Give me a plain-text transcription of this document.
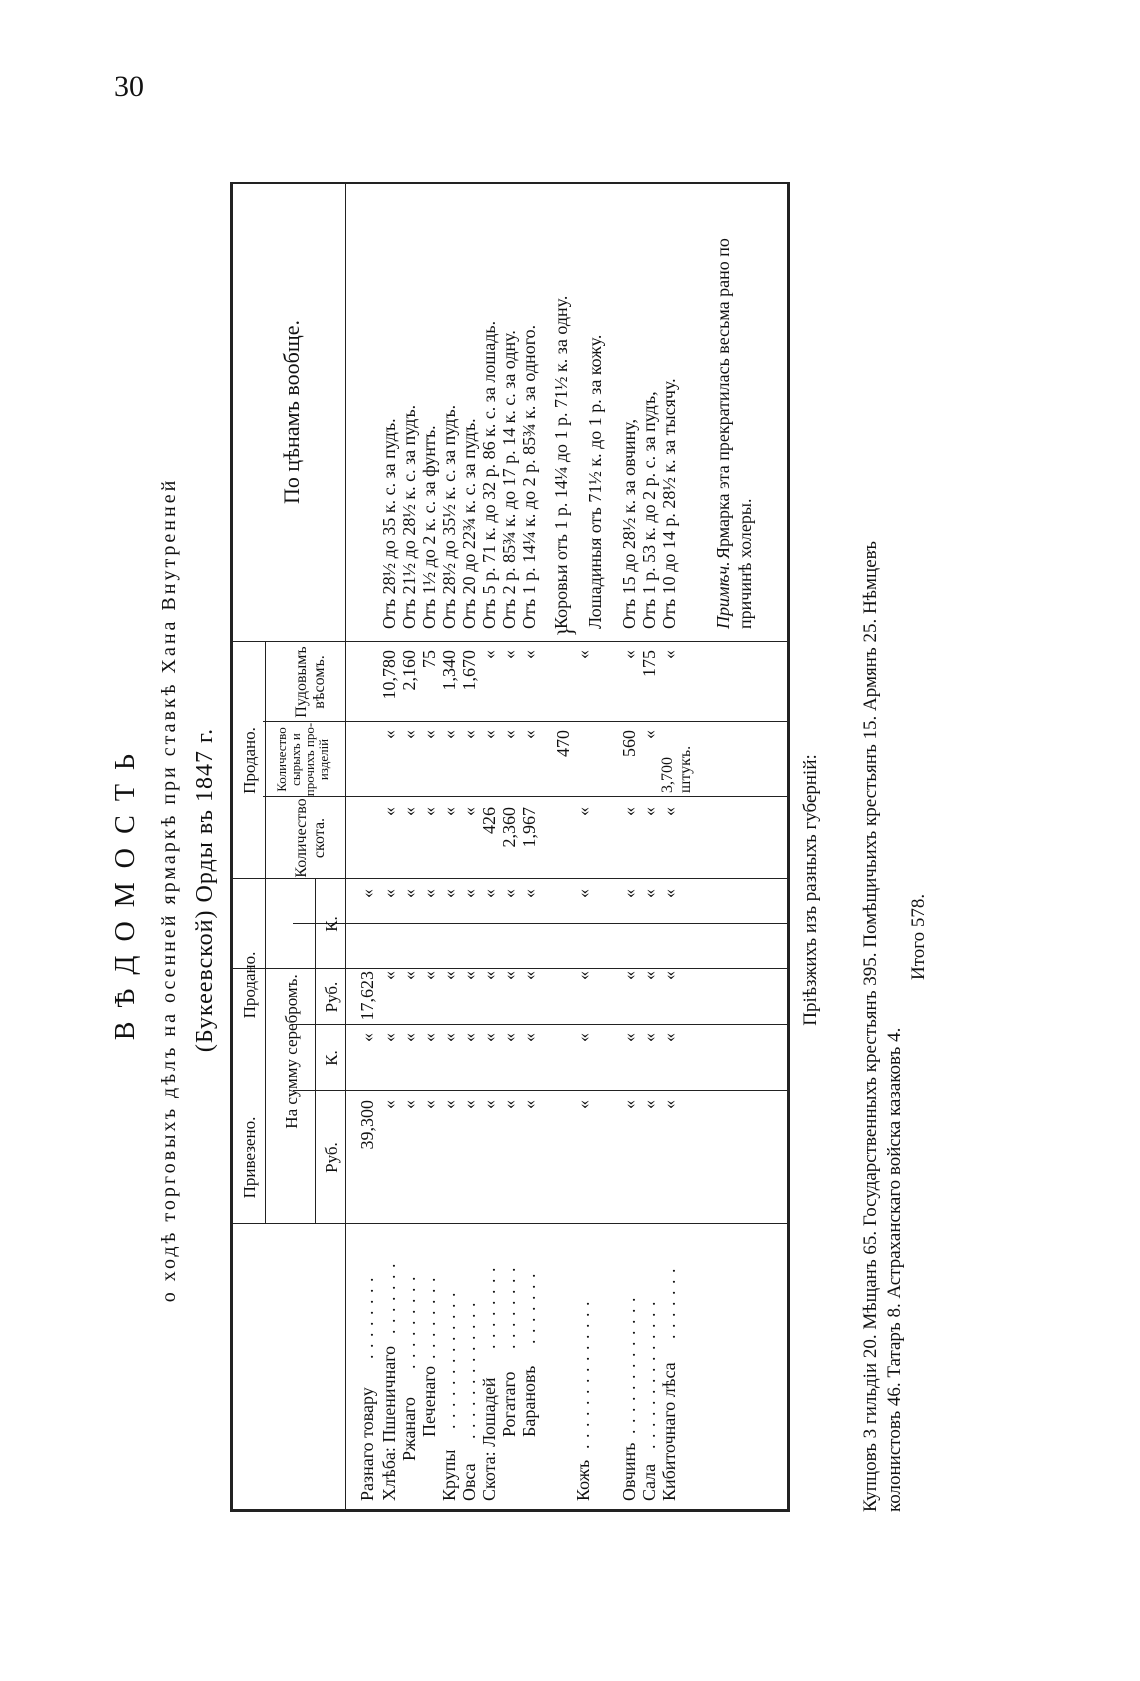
30
ВѢДОМОСТЬ о ходѣ торговыхъ дѣлъ на осенней ярмаркѣ при ставкѣ Хана Внутренней (Букеевской) Орды въ 1847 г.
Привезено.
Продано.
Продано.
На сумму серебромъ.
Руб.
К.
Руб.
К.
Количество скота.
Количество сырыхъ и прочихъ про- изделій
Пудовымъ вѣсомъ.
По цѣнамъ вообще.
Разнаго товару Хлѣба: Пшеничнаго Ржанаго Печенаго
Крупы Овса Скота: Лошадей Рогатаго Барановъ
Кожъ Овчинъ Сала Кибиточнаго лѣса
. . . . . . . . . . . . . . . . . . . . . . . . . . . . . . . . . . . . . . . . . . . . . . . . . . . . . . . . . . . . . . . . . . . . . . . . . . . . . . . . . . . . . . . . . . . . . . . . . . . . . . . . . . . . . . . . . . . . . . . . . . . . . . . . .
39,300
«
17,623
«
«
«
«
«
«
«
10,780
Отъ 28½ до 35 к. с. за пудъ.
«
«
«
«
«
«
2,160
Отъ 21½ до 28½ к. с. за пудъ.
«
«
«
«
«
«
75
Отъ 1½ до 2 к. с. за фунтъ.
«
«
«
«
«
«
1,340
Отъ 28½ до 35½ к. с. за пудъ.
«
«
«
«
«
«
1,670
Отъ 20 до 22¾ к. с. за пудъ.
«
«
«
«
426
«
«
Отъ 5 р. 71 к. до 32 р. 86 к. с. за лошадь.
«
«
«
«
2,360
«
«
Отъ 2 р. 85¾ к. до 17 р. 14 к. с. за одну.
«
«
«
«
1,967
«
«
Отъ 1 р. 14¼ к. до 2 р. 85¾ к. за одного.
«
«
«
«
«
470
«
}
Коровьи отъ 1 р. 14¼ до 1 р. 71½ к. за одну. Лошадиныя отъ 71½ к. до 1 р. за кожу.
«
«
«
«
«
560
«
Отъ 15 до 28½ к. за овчину,
«
«
«
«
«
«
175
Отъ 1 р. 53 к. до 2 р. с. за пудъ,
«
«
«
«
«
3,700 штукъ.
«
Отъ 10 до 14 р. 28½ к. за тысячу. Примѣч.
Ярмарка эта прекратилась весьма рано по
причинѣ холеры.
Пріѣзжихъ изъ разныхъ губерній: Купцовъ 3 гильдіи 20. Мѣщанъ 65. Государственныхъ крестьянъ 395. Помѣщичьихъ крестьянъ 15. Армянъ 25. Нѣмцевъ колонистовъ 46. Татаръ 8. Астраханскаго войска казаковъ 4.
Итого 578.
